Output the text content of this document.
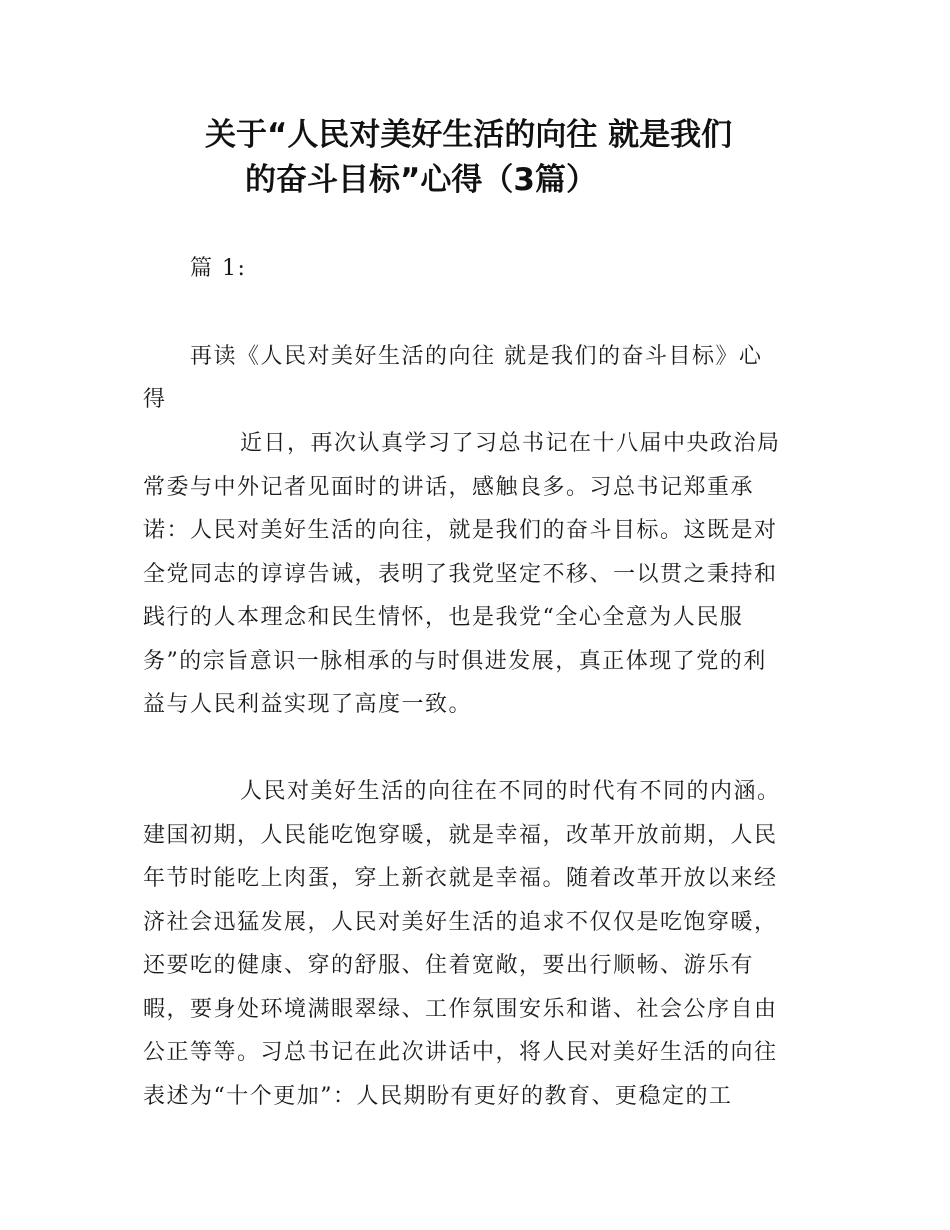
关于“人民对美好生活的向往 就是我们
的奋斗目标”心得（3篇）

篇 1:

再读《人民对美好生活的向往 就是我们的奋斗目标》心

得

近日，再次认真学习了习总书记在十八届中央政治局

常委与中外记者见面时的讲话，感触良多。习总书记郑重承

诺：人民对美好生活的向往，就是我们的奋斗目标。这既是对

全党同志的谆谆告诫，表明了我党坚定不移、一以贯之秉持和

践行的人本理念和民生情怀，也是我党“全心全意为人民服

务”的宗旨意识一脉相承的与时俱进发展，真正体现了党的利

益与人民利益实现了高度一致。

人民对美好生活的向往在不同的时代有不同的内涵。

建国初期，人民能吃饱穿暖，就是幸福，改革开放前期，人民

年节时能吃上肉蛋，穿上新衣就是幸福。随着改革开放以来经

济社会迅猛发展，人民对美好生活的追求不仅仅是吃饱穿暖，

还要吃的健康、穿的舒服、住着宽敞，要出行顺畅、游乐有

暇，要身处环境满眼翠绿、工作氛围安乐和谐、社会公序自由

公正等等。习总书记在此次讲话中，将人民对美好生活的向往

表述为“十个更加”：人民期盼有更好的教育、更稳定的工
